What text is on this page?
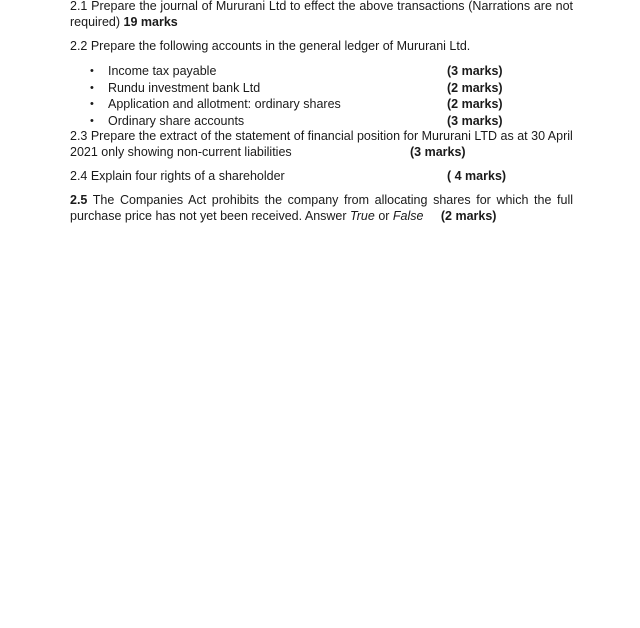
2.1 Prepare the journal of Mururani Ltd to effect the above transactions (Narrations are not required) 19 marks

2.2 Prepare the following accounts in the general ledger of Mururani Ltd.

• Income tax payable	(3 marks)
• Rundu investment bank Ltd	(2 marks)
• Application and allotment: ordinary shares	(2 marks)
• Ordinary share accounts	(3 marks)
2.3 Prepare the extract of the statement of financial position for Mururani LTD as at 30 April
2021 only showing non-current liabilities	(3 marks)
2.4 Explain four rights of a shareholder	( 4 marks)

2.5 The Companies Act prohibits the company from allocating shares for which the full purchase price has not yet been received. Answer True or False (2 marks)
